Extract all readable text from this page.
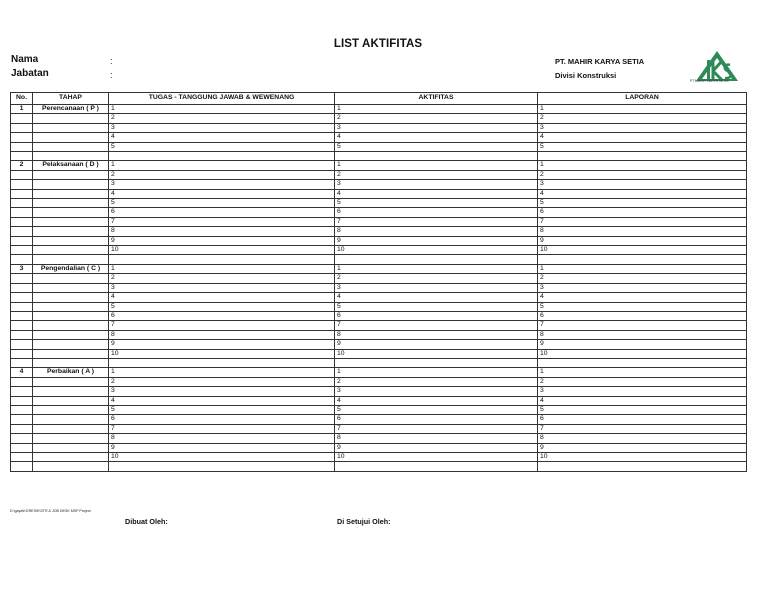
LIST AKTIFITAS
Nama	:
Jabatan	:
PT. MAHIR KARYA SETIA
Divisi Konstruksi
PT.MAHIR KARYA SETIA
No.	TAHAP	TUGAS - TANGGUNG JAWAB & WEWENANG	AKTIFITAS	LAPORAN
1	Perencanaan ( P )	1	1	1
		2	2	2
		3	3	3
		4	4	4
		5	5	5

2	Pelaksanaan ( D )	1	1	1
		2	2	2
		3	3	3
		4	4	4
		5	5	5
		6	6	6
		7	7	7
		8	8	8
		9	9	9
		10	10	10

3	Pengendalian ( C )	1	1	1
		2	2	2
		3	3	3
		4	4	4
		5	5	5
		6	6	6
		7	7	7
		8	8	8
		9	9	9
		10	10	10

4	Perbaikan ( A )	1	1	1
		2	2	2
		3	3	3
		4	4	4
		5	5	5
		6	6	6
		7	7	7
		8	8	8
		9	9	9
		10	10	10

D:\gaya\KGRESIK\STR & JOB DESK MSP Project
Dibuat Oleh:	Di Setujui Oleh:
